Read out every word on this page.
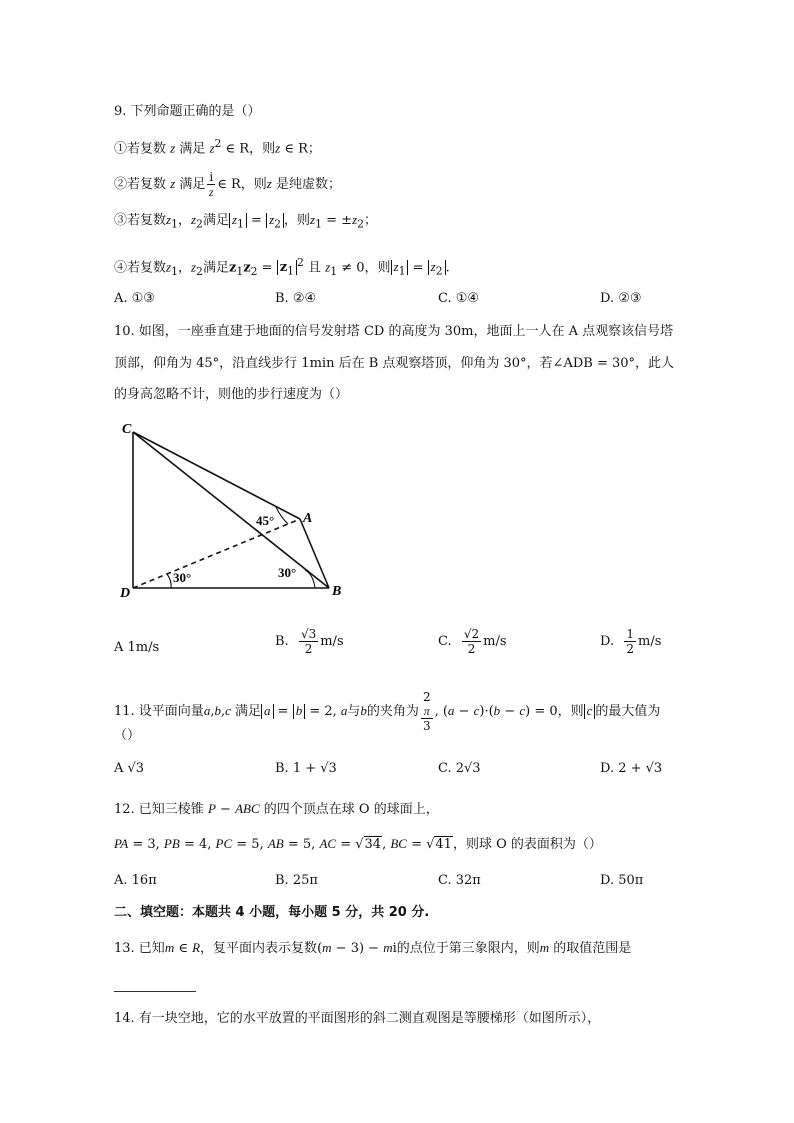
9. 下列命题正确的是（）
①若复数 z 满足 $z^2$ ∈ R，则z ∈ R；
②若复数 z 满足 $\frac{i}{z}$ ∈ R，则z 是纯虚数；
③若复数$z_1$，$z_2$满足 $z_1 = z_2$ ，则$z_1 = \pm z_2$；
④若复数$z_1$，$z_2$满足$z_1z_2 = z_1^2$ 且 $z_1 \ne 0$，则 $z_1 = z_2$ .
A. ①③	B. ②④	C. ①④	D. ②③
10. 如图，一座垂直建于地面的信号发射塔 CD 的高度为 30m，地面上一人在 A 点观察该信号塔
顶部，仰角为 45°，沿直线步行 1min 后在 B 点观察塔顶，仰角为 30°，若∠ADB = 30°，此人
的身高忽略不计，则他的步行速度为（）
C
D
A
B
45°
30°	30°
A 1m/s	B. $\frac{√3}{2} m/s$	C. $\frac{√2}{2} m/s$	D. $\frac{1}{2} m/s$
11. 设平面向量a,b,c 满足 a = b = 2, a与b的夹角为 2
π
3 , (a − c)·(b − c) = 0，则 c 的最大值为
（）
A √3	B. 1 + √3	C. 2√3	D. 2 + √3
12. 已知三棱锥 P − ABC 的四个顶点在球 O 的球面上，
PA = 3, PB = 4, PC = 5, AB = 5, AC = √34, BC = √41，则球 O 的表面积为（）
A. 16π	B. 25π	C. 32π	D. 50π
二、填空题：本题共 4 小题，每小题 5 分，共 20 分.
13. 已知m ∈ R，复平面内表示复数(m − 3) − mi的点位于第三象限内，则m 的取值范围是
14. 有一块空地，它的水平放置的平面图形的斜二测直观图是等腰梯形（如图所示），
